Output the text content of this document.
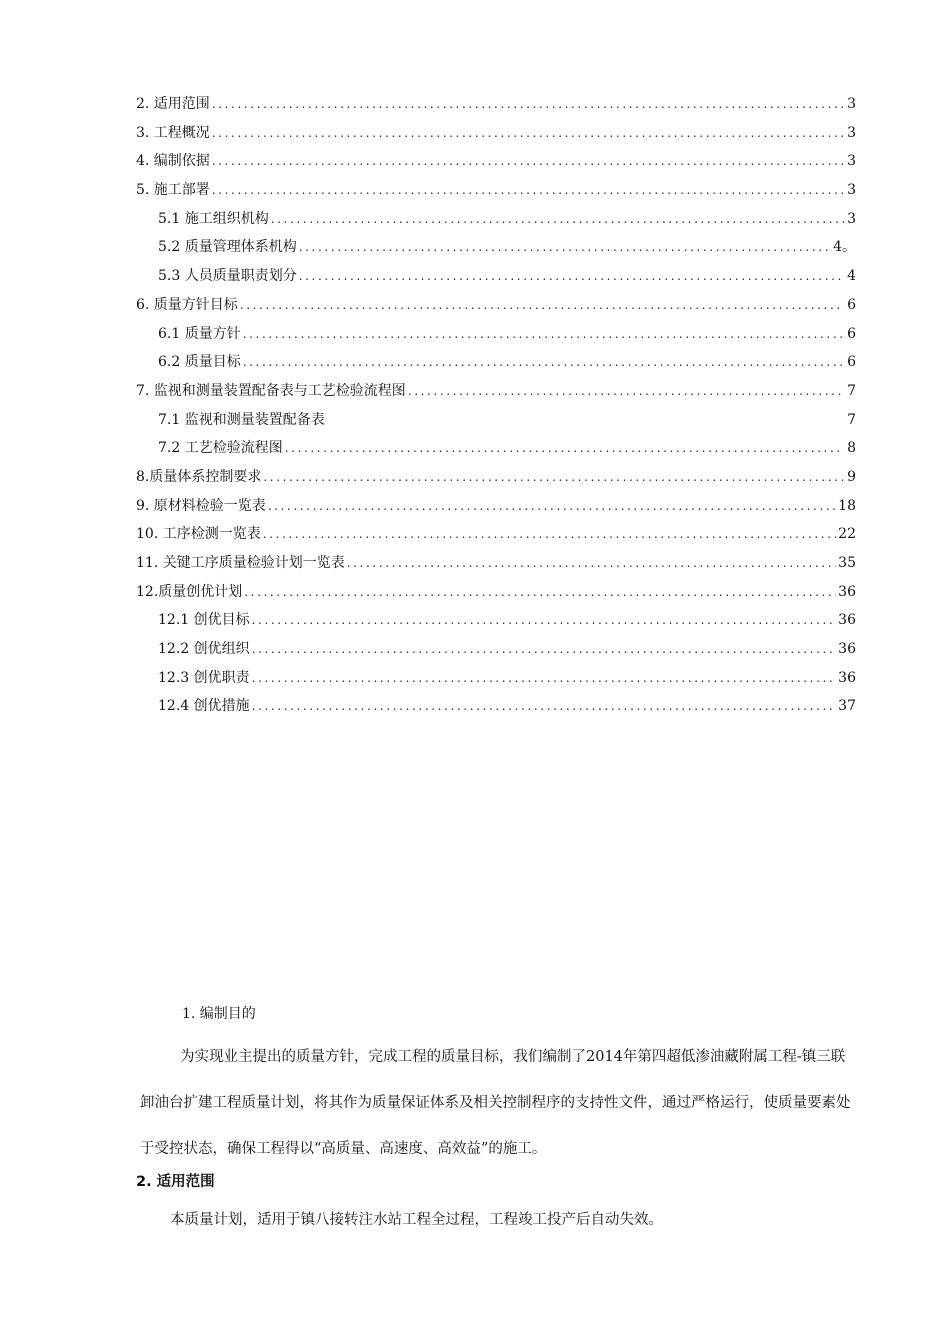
2. 适用范围 .....	3
3. 工程概况 .....	3
4. 编制依据 .....	3
5. 施工部署 .....	3
5.1 施工组织机构 .....	3
5.2 质量管理体系机构 .....	4。
5.3 人员质量职责划分 .....	4
6. 质量方针目标 .....	6
6.1 质量方针 .....	6
6.2 质量目标 .....	6
7. 监视和测量装置配备表与工艺检验流程图 .....	7
7.1 监视和测量装置配备表	7
7.2 工艺检验流程图 .....	8
8.质量体系控制要求 .....	9
9. 原材料检验一览表 .....	18
10. 工序检测一览表 .....	22
11. 关键工序质量检验计划一览表 .....	35
12.质量创优计划 .....	36
12.1 创优目标 .....	36
12.2 创优组织 .....	36
12.3 创优职责 .....	36
12.4 创优措施 .....	37
1. 编制目的
为实现业主提出的质量方针，完成工程的质量目标，我们编制了2014年第四超低渗油藏附属工程-镇三联卸油台扩建工程质量计划，将其作为质量保证体系及相关控制程序的支持性文件，通过严格运行，使质量要素处于受控状态，确保工程得以“高质量、高速度、高效益”的施工。
2. 适用范围
本质量计划，适用于镇八接转注水站工程全过程，工程竣工投产后自动失效。
